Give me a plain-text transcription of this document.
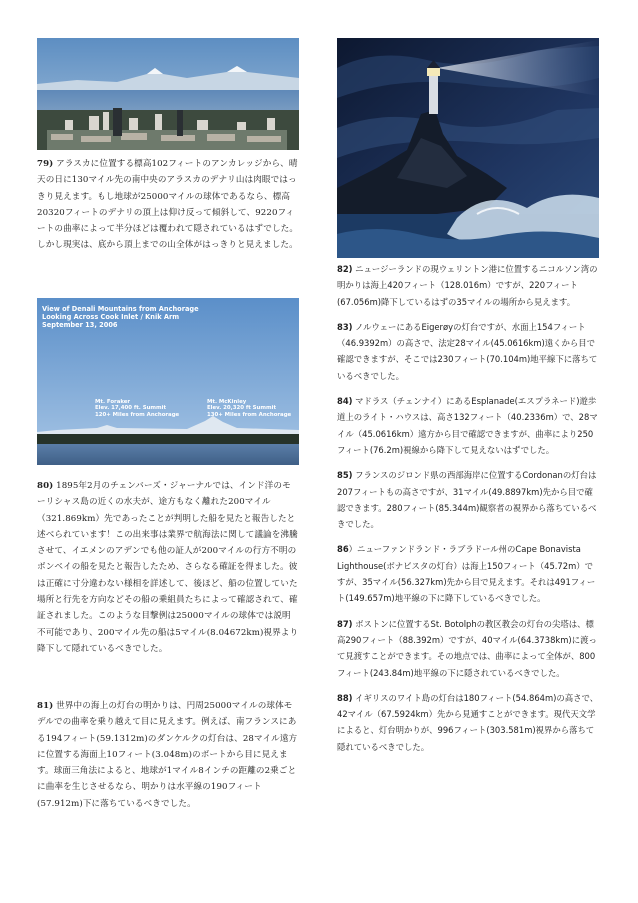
79) アラスカに位置する標高102フィートのアンカレッジから、晴天の日に130マイル先の南中央のアラスカのデナリ山は肉眼ではっきり見えます。もし地球が25000マイルの球体であるなら、標高20320フィートのデナリの頂上は仰け反って傾斜して、9220フィートの曲率によって半分ほどは覆われて隠されているはずでした。しかし現実は、底から頂上までの山全体がはっきりと見えました。
View of Denali Mountains from Anchorage
Looking Across Cook Inlet / Knik Arm
September 13, 2006
Mt. Foraker
Elev. 17,400 ft. Summit
120+ Miles from Anchorage
Mt. McKinley
Elev. 20,320 ft Summit
130+ Miles from Anchorage
80) 1895年2月のチェンバーズ・ジャーナルでは、インド洋のモーリシャス島の近くの水夫が、途方もなく離れた200マイル（321.869km）先であったことが判明した船を見たと報告したと述べられています！この出来事は業界で航海法に関して議論を沸騰させて、イエメンのアデンでも他の証人が200マイルの行方不明のボンベイの船を見たと報告したため、さらなる確証を得ました。彼は正確に寸分違わない様相を詳述して、後ほど、船の位置していた場所と行先を方向などその船の乗組員たちによって確認されて、確証されました。このような目撃例は25000マイルの球体では説明不可能であり、200マイル先の船は5マイル(8.04672km)視界より降下して隠れているべきでした。
81) 世界中の海上の灯台の明かりは、円周25000マイルの球体モデルでの曲率を乗り越えて目に見えます。例えば、南フランスにある194フィート(59.1312m)のダンケルクの灯台は、28マイル遠方に位置する海面上10フィート(3.048m)のボートから目に見えます。球面三角法によると、地球が1マイル8インチの距離の2乗ごとに曲率を生じさせるなら、明かりは水平線の190フィート(57.912m)下に落ちているべきでした。
82) ニュージーランドの現ウェリントン港に位置するニコルソン湾の明かりは海上420フィート（128.016m）ですが、220フィート(67.056m)降下しているはずの35マイルの場所から見えます。
83) ノルウェーにあるEigerøyの灯台ですが、水面上154フィート（46.9392m）の高さで、法定28マイル(45.0616km)遠くから目で確認できますが、そこでは230フィート(70.104m)地平線下に落ちているべきでした。
84) マドラス（チェンナイ）にあるEsplanade(エスプラネード)遊歩道上のライト・ハウスは、高さ132フィート（40.2336m）で、28マイル（45.0616km）遠方から目で確認できますが、曲率により250フィート(76.2m)視線から降下して見えないはずでした。
85) フランスのジロンド県の西部海岸に位置するCordonanの灯台は207フィートもの高さですが、31マイル(49.8897km)先から目で確認できます。280フィート(85.344m)観察者の視界から落ちているべきでした。
86）ニューファンドランド・ラブラドール州のCape Bonavista Lighthouse(ボナビスタの灯台）は海上150フィート（45.72m）ですが、35マイル(56.327km)先から目で見えます。それは491フィート(149.657m)地平線の下に降下しているべきでした。
87) ボストンに位置するSt. Botolphの教区教会の灯台の尖塔は、標高290フィート（88.392m）ですが、40マイル(64.3738km)に渡って見渡すことができます。その地点では、曲率によって全体が、800フィート(243.84m)地平線の下に隠されているべきでした。
88) イギリスのワイト島の灯台は180フィート(54.864m)の高さで、42マイル（67.5924km）先から見通すことができます。現代天文学によると、灯台明かりが、996フィート(303.581m)視界から落ちて隠れているべきでした。
